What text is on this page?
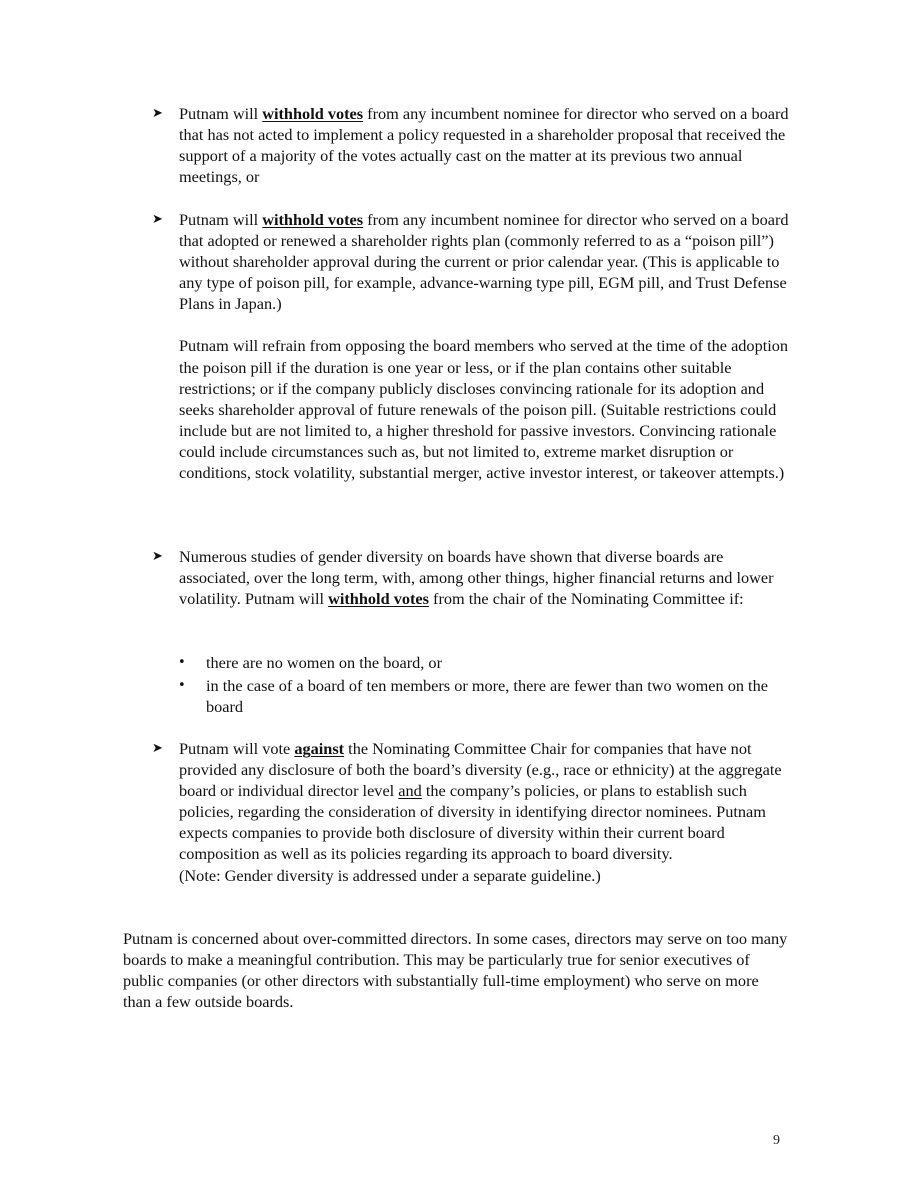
➤ Putnam will withhold votes from any incumbent nominee for director who served on a board that has not acted to implement a policy requested in a shareholder proposal that received the support of a majority of the votes actually cast on the matter at its previous two annual meetings, or

➤ Putnam will withhold votes from any incumbent nominee for director who served on a board that adopted or renewed a shareholder rights plan (commonly referred to as a “poison pill”) without shareholder approval during the current or prior calendar year. (This is applicable to any type of poison pill, for example, advance-warning type pill, EGM pill, and Trust Defense Plans in Japan.)

Putnam will refrain from opposing the board members who served at the time of the adoption the poison pill if the duration is one year or less, or if the plan contains other suitable restrictions; or if the company publicly discloses convincing rationale for its adoption and seeks shareholder approval of future renewals of the poison pill. (Suitable restrictions could include but are not limited to, a higher threshold for passive investors. Convincing rationale could include circumstances such as, but not limited to, extreme market disruption or conditions, stock volatility, substantial merger, active investor interest, or takeover attempts.)

➤ Numerous studies of gender diversity on boards have shown that diverse boards are associated, over the long term, with, among other things, higher financial returns and lower volatility. Putnam will withhold votes from the chair of the Nominating Committee if:

• there are no women on the board, or
• in the case of a board of ten members or more, there are fewer than two women on the board
➤ Putnam will vote against the Nominating Committee Chair for companies that have not provided any disclosure of both the board’s diversity (e.g., race or ethnicity) at the aggregate board or individual director level and the company’s policies, or plans to establish such policies, regarding the consideration of diversity in identifying director nominees. Putnam expects companies to provide both disclosure of diversity within their current board composition as well as its policies regarding its approach to board diversity.
(Note: Gender diversity is addressed under a separate guideline.)

Putnam is concerned about over-committed directors. In some cases, directors may serve on too many boards to make a meaningful contribution. This may be particularly true for senior executives of public companies (or other directors with substantially full-time employment) who serve on more than a few outside boards.

9
